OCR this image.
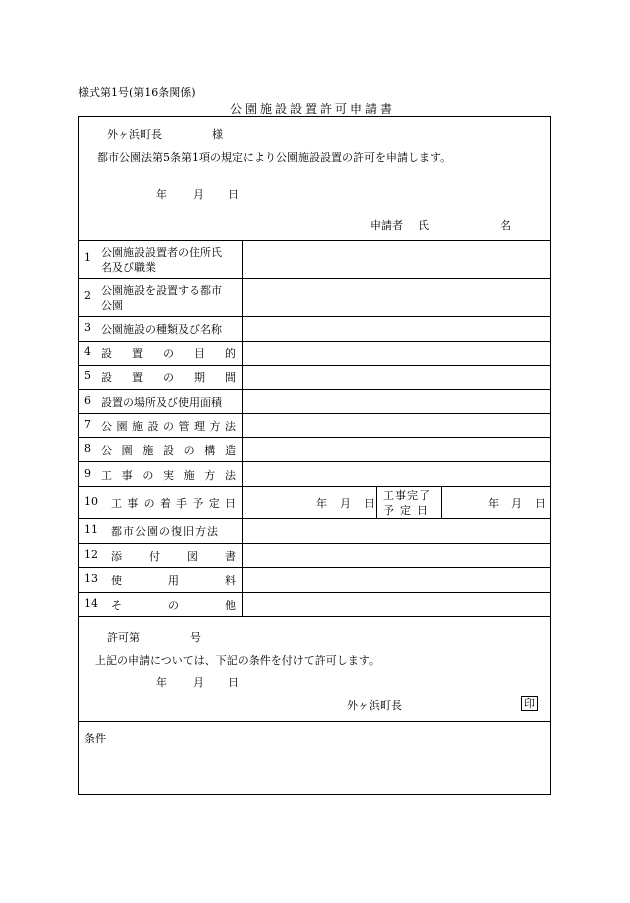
様式第1号(第16条関係)
公園施設設置許可申請書
外ヶ浜町長	様
都市公園法第5条第1項の規定により公園施設設置の許可を申請します。
年 月 日
申請者 氏	名
1 公園施設設置者の住所氏
名及び職業
2 公園施設を設置する都市
公園
3 公園施設の種類及び名称
4 設 置 の 目 的
5 設 置 の 期 間
6 設置の場所及び使用面積
7 公 園 施 設 の 管 理 方 法
8 公 園 施 設 の 構 造
9 工 事 の 実 施 方 法
10 工 事 の 着 手 予 定 日	年 月 日
工事完了
予定日
年 月 日
11 都市公園の復旧方法
12 添 付 図 書
13 使	用	料
14 そ	の	他
許可第	号
上記の申請については、下記の条件を付けて許可します。
年 月 日
外ヶ浜町長	印
条件
